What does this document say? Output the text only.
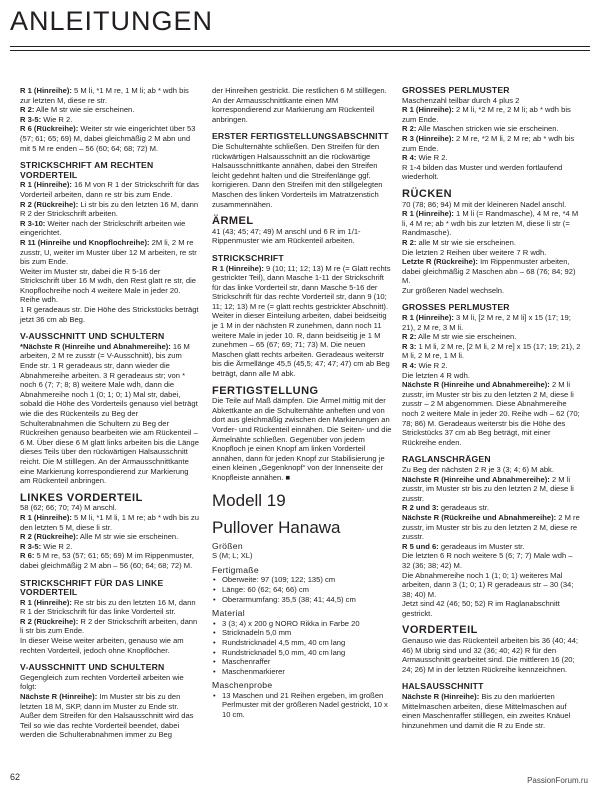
ANLEITUNGEN

R 1 (Hinreihe): 5 M li, *1 M re, 1 M li; ab * wdh bis zur letzten M, diese re str.

R 2: Alle M str wie sie erscheinen.

R 3-5: Wie R 2.

R 6 (Rückreihe): Weiter str wie eingerichtet über 53 (57; 61; 65; 69) M, dabei gleichmäßig 2 M abn und mit 5 M re enden – 56 (60; 64; 68; 72) M.

STRICKSCHRIFT AM RECHTEN VORDERTEIL

R 1 (Hinreihe): 16 M von R 1 der Strickschrift für das Vorderteil arbeiten, dann re str bis zum Ende.

R 2 (Rückreihe): Li str bis zu den letzten 16 M, dann R 2 der Strickschrift arbeiten.

R 3-10: Weiter nach der Strickschrift arbeiten wie eingerichtet.

R 11 (Hinreihe und Knopflochreihe): 2M li, 2 M re zusstr, U, weiter im Muster über 12 M arbeiten, re str bis zum Ende.

Weiter im Muster str, dabei die R 5-16 der Strickschrift über 16 M wdh, den Rest glatt re str, die Knopflochreihe noch 4 weitere Male in jeder 20. Reihe wdh.

1 R geradeaus str. Die Höhe des Strickstücks beträgt jetzt 36 cm ab Beg.

V-AUSSCHNITT UND SCHULTERN

*Nächste R (Hinreihe und Abnahmereihe): 16 M arbeiten, 2 M re zusstr (= V-Ausschnitt), bis zum Ende str. 1 R geradeaus str, dann wieder die Abnahmereihe arbeiten. 3 R geradeaus str; von * noch 6 (7; 7; 8; 8) weitere Male wdh, dann die Abnahmereihe noch 1 (0; 1; 0; 1) Mal str, dabei, sobald die Höhe des Vorderteils genauso viel beträgt wie die des Rückenteils zu Beg der Schulterabnahmen die Schultern zu Beg der Rückreihen genauso bearbeiten wie am Rückenteil – 6 M. Über diese 6 M glatt links arbeiten bis die Länge dieses Teils über den rückwärtigen Halsausschnitt reicht. Die M stilllegen. An der Armausschnittkante eine Markierung korrespondierend zur Markierung am Rückenteil anbringen.

LINKES VORDERTEIL

58 (62; 66; 70; 74) M anschl.

R 1 (Hinreihe): 5 M li, *1 M li, 1 M re; ab * wdh bis zu den letzten 5 M, diese li str.

R 2 (Rückreihe): Alle M str wie sie erscheinen.

R 3-5: Wie R 2.

R 6: 5 M re, 53 (57; 61; 65; 69) M im Rippenmuster, dabei gleichmäßig 2 M abn – 56 (60; 64; 68; 72) M.

STRICKSCHRIFT FÜR DAS LINKE VORDERTEIL

R 1 (Hinreihe): Re str bis zu den letzten 16 M, dann R 1 der Strickschrift für das linke Vorderteil str.

R 2 (Rückreihe): R 2 der Strickschrift arbeiten, dann li str bis zum Ende.

In dieser Weise weiter arbeiten, genauso wie am rechten Vorderteil, jedoch ohne Knopflöcher.

V-AUSSCHNITT UND SCHULTERN

Gegengleich zum rechten Vorderteil arbeiten wie folgt:

Nächste R (Hinreihe): Im Muster str bis zu den letzten 18 M, SKP, dann im Muster zu Ende str. Außer dem Streifen für den Halsausschnitt wird das Teil so wie das rechte Vorderteil beendet, dabei werden die Schulterabnahmen immer zu Beg

der Hinreihen gestrickt. Die restlichen 6 M stilllegen. An der Armausschnittkante einen MM korrespondierend zur Markierung am Rückenteil anbringen.

ERSTER FERTIGSTELLUNGSABSCHNITT

Die Schulternähte schließen. Den Streifen für den rückwärtigen Halsausschnitt an die rückwärtige Halsausschnittkante annähen, dabei den Streifen leicht gedehnt halten und die Streifenlänge ggf. korrigieren. Dann den Streifen mit den stillgelegten Maschen des linken Vorderteils im Matratzenstich zusammennähen.

ÄRMEL

41 (43; 45; 47; 49) M anschl und 6 R im 1/1-Rippenmuster wie am Rückenteil arbeiten.

STRICKSCHRIFT

R 1 (Hinreihe): 9 (10; 11; 12; 13) M re (= Glatt rechts gestrickter Teil), dann Masche 1-11 der Strickschrift für das linke Vorderteil str, dann Masche 5-16 der Strickschrift für das rechte Vorderteil str, dann 9 (10; 11; 12; 13) M re (= glatt rechts gestrickter Abschnitt).

Weiter in dieser Einteilung arbeiten, dabei beidseitig je 1 M in der nächsten R zunehmen, dann noch 11 weitere Male in jeder 10. R, dann beidseitig je 1 M zunehmen – 65 (67; 69; 71; 73) M. Die neuen Maschen glatt rechts arbeiten. Geradeaus weiterstr bis die Ärmellänge 45,5 (45,5; 47; 47; 47) cm ab Beg beträgt, dann alle M abk.

FERTIGSTELLUNG

Die Teile auf Maß dämpfen. Die Ärmel mittig mit der Abkettkante an die Schulternähte anheften und von dort aus gleichmäßig zwischen den Markierungen an Vorder- und Rückenteil einnähen. Die Seiten- und die Ärmelnähte schließen. Gegenüber von jedem Knopfloch je einen Knopf am linken Vorderteil annähen, dann für jeden Knopf zur Stabilisierung je einen kleinen „Gegenknopf“ von der Innenseite der Knopfleiste annähen. ■

Modell 19

Pullover Hanawa

Größen

S (M; L; XL)

Fertigmaße

• Oberweite: 97 (109; 122; 135) cm
• Länge: 60 (62; 64; 66) cm
• Oberarmumfang: 35,5 (38; 41; 44,5) cm

Material

• 3 (3; 4) x 200 g NORO Rikka in Farbe 20
• Stricknadeln 5,0 mm
• Rundstricknadel 4,5 mm, 40 cm lang
• Rundstricknadel 5,0 mm, 40 cm lang
• Maschenraffer
• Maschenmarkierer

Maschenprobe

• 13 Maschen und 21 Reihen ergeben, im großen Perlmuster mit der größeren Nadel gestrickt, 10 x 10 cm.

GROSSES PERLMUSTER

Maschenzahl teilbar durch 4 plus 2

R 1 (Hinreihe): 2 M li, *2 M re, 2 M li; ab * wdh bis zum Ende.

R 2: Alle Maschen stricken wie sie erscheinen.

R 3 (Hinreihe): 2 M re, *2 M li, 2 M re; ab * wdh bis zum Ende.

R 4: Wie R 2.

R 1-4 bilden das Muster und werden fortlaufend wiederholt.

RÜCKEN

70 (78; 86; 94) M mit der kleineren Nadel anschl.

R 1 (Hinreihe): 1 M li (= Randmasche), 4 M re, *4 M li, 4 M re; ab * wdh bis zur letzten M, diese li str (= Randmasche).

R 2: alle M str wie sie erscheinen.

Die letzten 2 Reihen über weitere 7 R wdh.

Letzte R (Rückreihe): Im Rippenmuster arbeiten, dabei gleichmäßig 2 Maschen abn – 68 (76; 84; 92) M.

Zur größeren Nadel wechseln.

GROSSES PERLMUSTER

R 1 (Hinreihe): 3 M li, [2 M re, 2 M li] x 15 (17; 19; 21), 2 M re, 3 M li.

R 2: Alle M str wie sie erscheinen.

R 3: 1 M li, 2 M re, [2 M li, 2 M re] x 15 (17; 19; 21), 2 M li, 2 M re, 1 M li.

R 4: Wie R 2.

Die letzten 4 R wdh.

Nächste R (Hinreihe und Abnahmereihe): 2 M li zusstr, im Muster str bis zu den letzten 2 M, diese li zusstr – 2 M abgenommen. Diese Abnahmereihe noch 2 weitere Male in jeder 20. Reihe wdh – 62 (70; 78; 86) M. Geradeaus weiterstr bis die Höhe des Strickstücks 37 cm ab Beg beträgt, mit einer Rückreihe enden.

RAGLANSCHRÄGEN

Zu Beg der nächsten 2 R je 3 (3; 4; 6) M abk.

Nächste R (Hinreihe und Abnahmereihe): 2 M li zusstr, im Muster str bis zu den letzten 2 M, diese li zusstr.

R 2 und 3: geradeaus str.

Nächste R (Rückreihe und Abnahmereihe): 2 M re zusstr, im Muster str bis zu den letzten 2 M, diese re zusstr.

R 5 und 6: geradeaus im Muster str.

Die letzten 6 R noch weitere 5 (6; 7; 7) Male wdh – 32 (36; 38; 42) M.

Die Abnahmereihe noch 1 (1; 0; 1) weiteres Mal arbeiten, dann 3 (1; 0; 1) R geradeaus str – 30 (34; 38; 40) M.

Jetzt sind 42 (46; 50; 52) R im Raglanabschnitt gestrickt.

VORDERTEIL

Genauso wie das Rückenteil arbeiten bis 36 (40; 44; 46) M übrig sind und 32 (36; 40; 42) R für den Armausschnitt gearbeitet sind. Die mittleren 16 (20; 24; 26) M in der letzten Rückreihe kennzeichnen.

HALSAUSSCHNITT

Nächste R (Hinreihe): Bis zu den markierten Mittelmaschen arbeiten, diese Mittelmaschen auf einen Maschenraffer stilllegen, ein zweites Knäuel hinzunehmen und damit die R zu Ende str.

62	PassionForum.ru
